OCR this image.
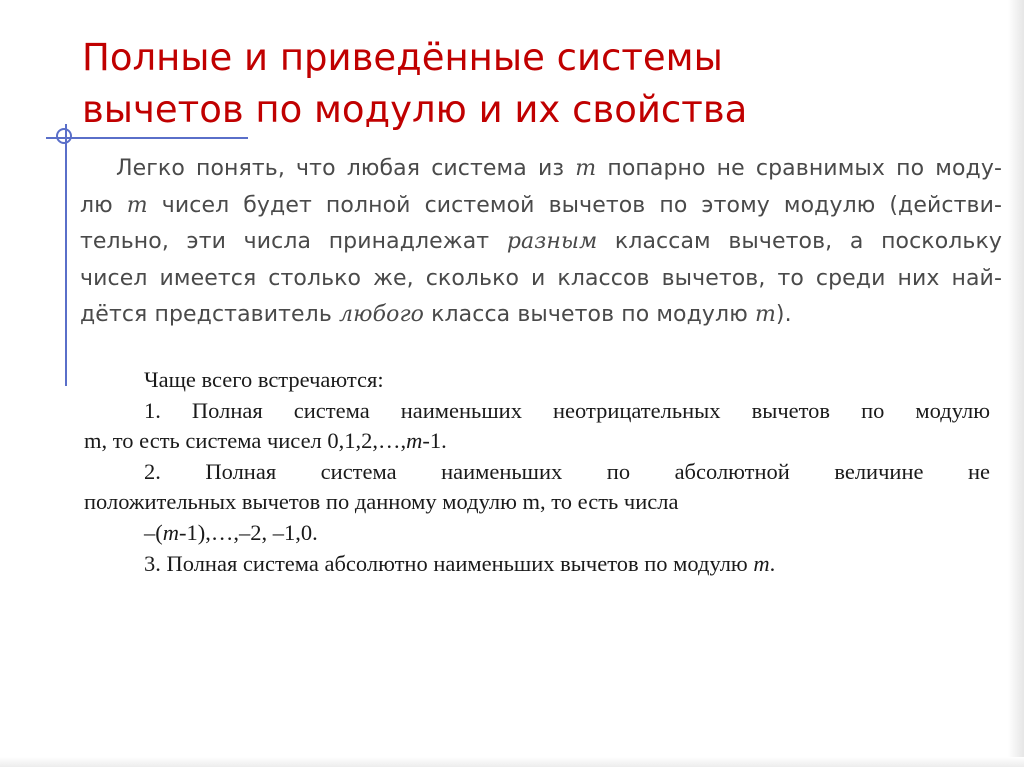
Полные и приведённые системы
вычетов по модулю и их свойства
Легко понять, что любая система из m попарно не сравнимых по моду-
лю m чисел будет полной системой вычетов по этому модулю (действи-
тельно, эти числа принадлежат разным классам вычетов, а поскольку
чисел имеется столько же, сколько и классов вычетов, то среди них най-
дётся представитель любого класса вычетов по модулю m).
Чаще всего встречаются:
1. Полная система наименьших неотрицательных вычетов по модулю
m, то есть система чисел 0,1,2,…,m-1.
2. Полная система наименьших по абсолютной величине не
положительных вычетов по данному модулю m, то есть числа
–(m-1),…,–2, –1,0.
3. Полная система абсолютно наименьших вычетов по модулю m.
